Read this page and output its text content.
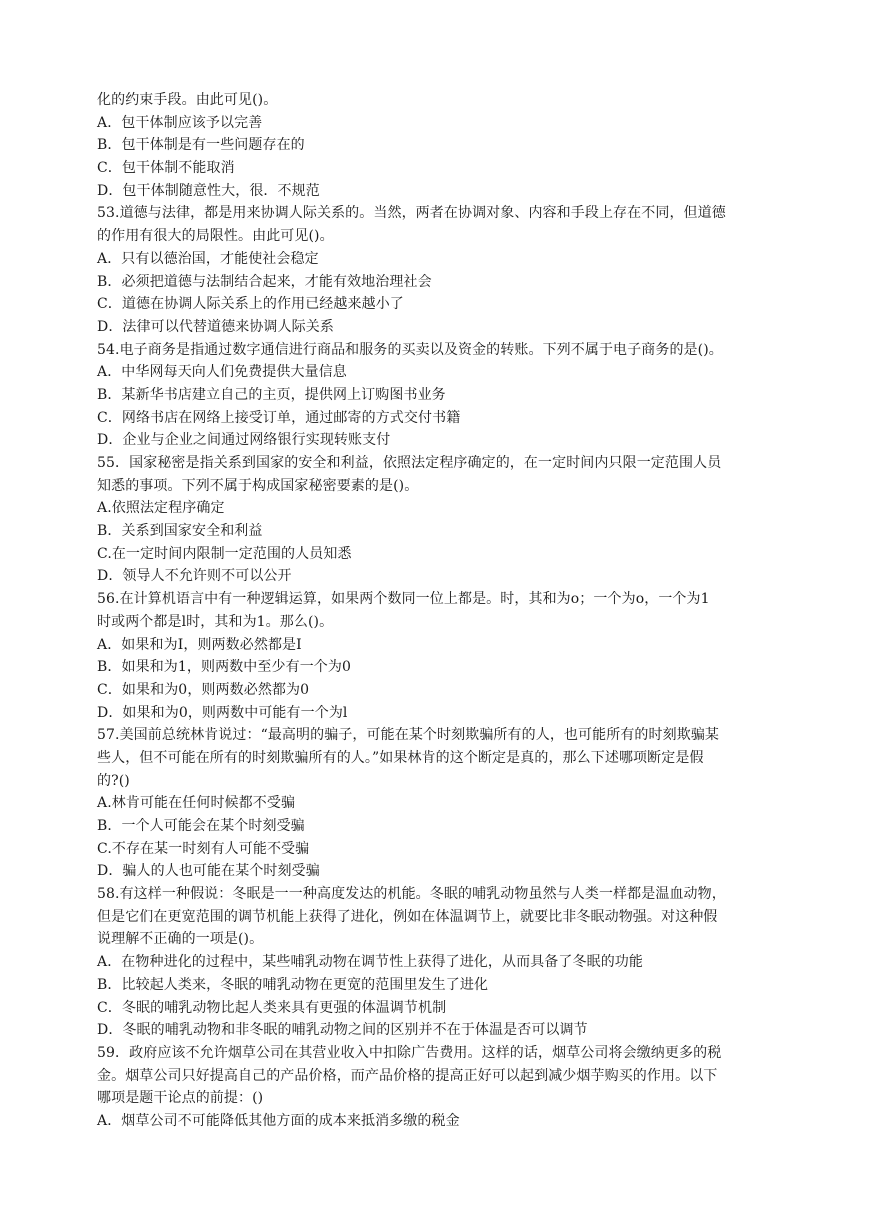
化的约束手段。由此可见()。
A．包干体制应该予以完善
B．包干体制是有一些问题存在的
C．包干体制不能取消
D．包干体制随意性大，很．不规范
53.道德与法律，都是用来协调人际关系的。当然，两者在协调对象、内容和手段上存在不同，但道德
的作用有很大的局限性。由此可见()。
A．只有以德治国，才能使社会稳定
B．必须把道德与法制结合起来，才能有效地治理社会
C．道德在协调人际关系上的作用已经越来越小了
D．法律可以代替道德来协调人际关系
54.电子商务是指通过数字通信进行商品和服务的买卖以及资金的转账。下列不属于电子商务的是()。
A．中华网每天向人们免费提供大量信息
B．某新华书店建立自己的主页，提供网上订购图书业务
C．网络书店在网络上接受订单，通过邮寄的方式交付书籍
D．企业与企业之间通过网络银行实现转账支付
55．国家秘密是指关系到国家的安全和利益，依照法定程序确定的，在一定时间内只限一定范围人员
知悉的事项。下列不属于构成国家秘密要素的是()。
A.依照法定程序确定
B．关系到国家安全和利益
C.在一定时间内限制一定范围的人员知悉
D．领导人不允许则不可以公开
56.在计算机语言中有一种逻辑运算，如果两个数同一位上都是。时，其和为o；一个为o，一个为1
时或两个都是l时，其和为1。那么()。
A．如果和为I，则两数必然都是I
B．如果和为1，则两数中至少有一个为0
C．如果和为0，则两数必然都为0
D．如果和为0，则两数中可能有一个为l
57.美国前总统林肯说过：“最高明的骗子，可能在某个时刻欺骗所有的人，也可能所有的时刻欺骗某
些人，但不可能在所有的时刻欺骗所有的人。”如果林肯的这个断定是真的，那么下述哪项断定是假
的?()
A.林肯可能在任何时候都不受骗
B．一个人可能会在某个时刻受骗
C.不存在某一时刻有人可能不受骗
D．骗人的人也可能在某个时刻受骗
58.有这样一种假说：冬眠是一一种高度发达的机能。冬眠的哺乳动物虽然与人类一样都是温血动物，
但是它们在更宽范围的调节机能上获得了进化，例如在体温调节上，就要比非冬眠动物强。对这种假
说理解不正确的一项是()。
A．在物种进化的过程中，某些哺乳动物在调节性上获得了进化，从而具备了冬眠的功能
B．比较起人类来，冬眠的哺乳动物在更宽的范围里发生了进化
C．冬眠的哺乳动物比起人类来具有更强的体温调节机制
D．冬眠的哺乳动物和非冬眠的哺乳动物之间的区别并不在于体温是否可以调节
59．政府应该不允许烟草公司在其营业收入中扣除广告费用。这样的话，烟草公司将会缴纳更多的税
金。烟草公司只好提高自己的产品价格，而产品价格的提高正好可以起到减少烟芋购买的作用。以下
哪项是题干论点的前提：()
A．烟草公司不可能降低其他方面的成本来抵消多缴的税金
